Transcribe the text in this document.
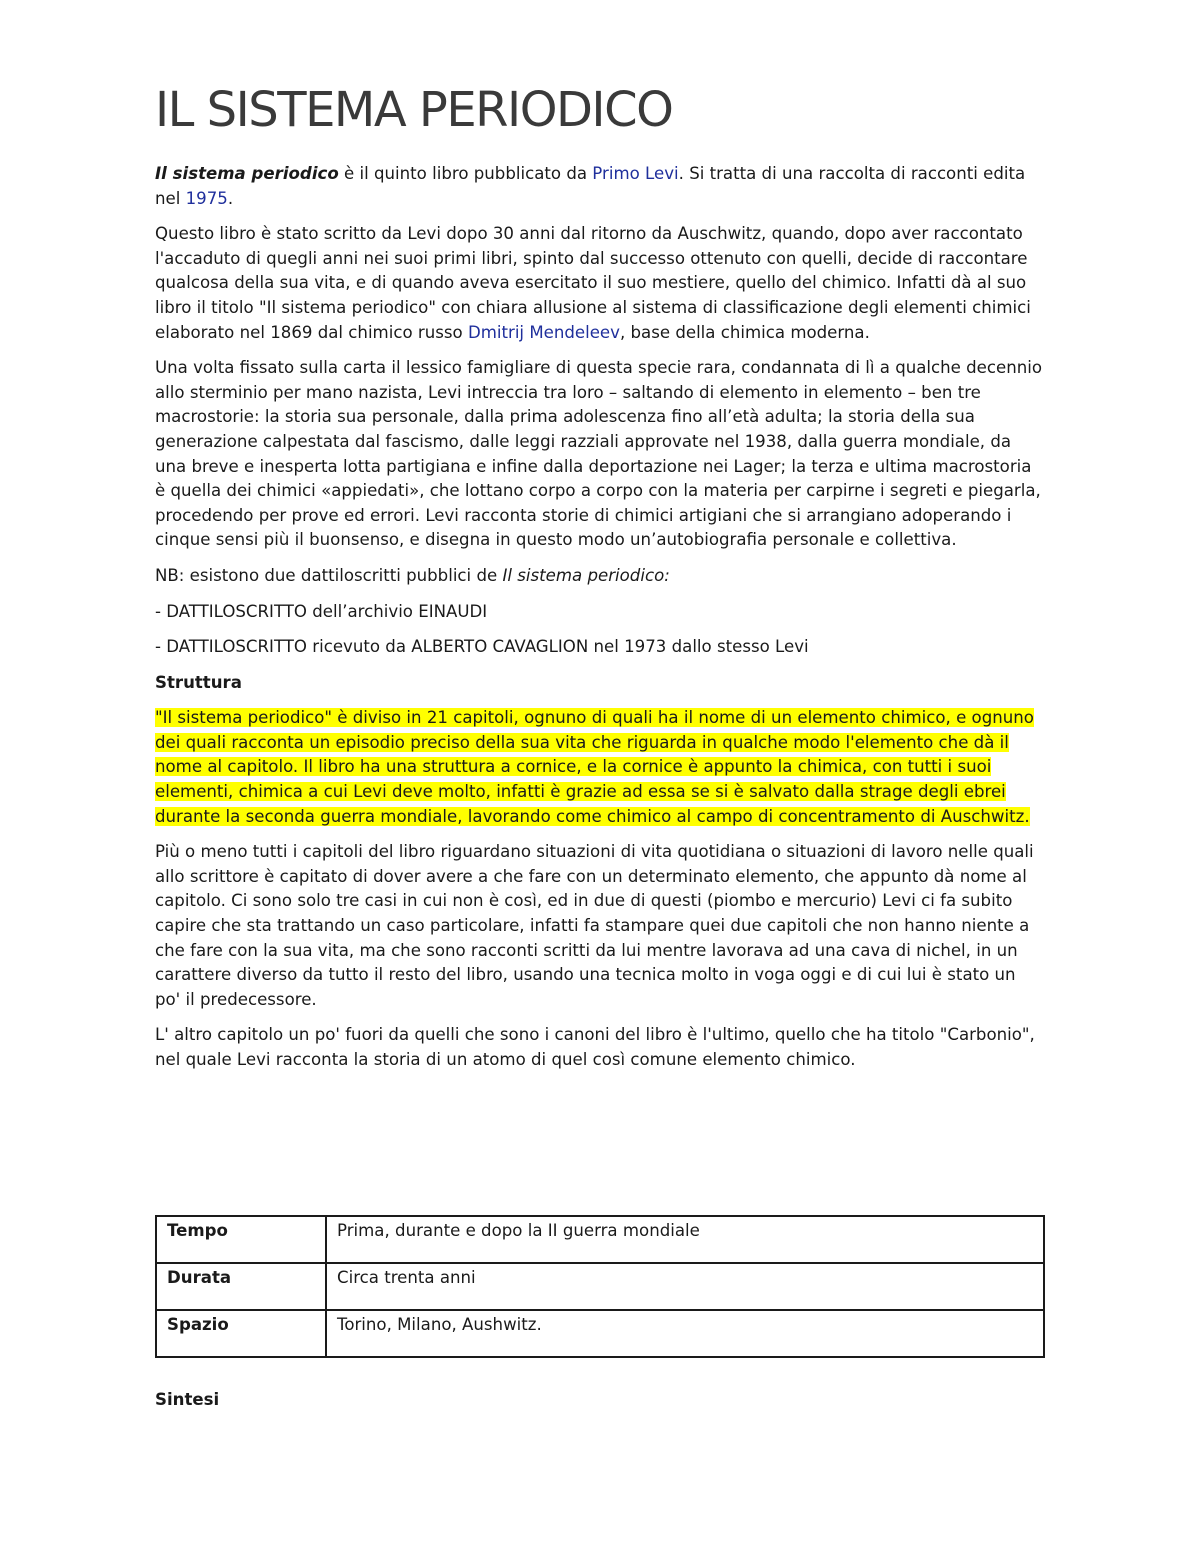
IL SISTEMA PERIODICO

Il sistema periodico è il quinto libro pubblicato da Primo Levi. Si tratta di una raccolta di racconti edita nel 1975.

Questo libro è stato scritto da Levi dopo 30 anni dal ritorno da Auschwitz, quando, dopo aver raccontato l'accaduto di quegli anni nei suoi primi libri, spinto dal successo ottenuto con quelli, decide di raccontare qualcosa della sua vita, e di quando aveva esercitato il suo mestiere, quello del chimico. Infatti dà al suo libro il titolo "Il sistema periodico" con chiara allusione al sistema di classificazione degli elementi chimici elaborato nel 1869 dal chimico russo Dmitrij Mendeleev, base della chimica moderna.

Una volta fissato sulla carta il lessico famigliare di questa specie rara, condannata di lì a qualche decennio allo sterminio per mano nazista, Levi intreccia tra loro – saltando di elemento in elemento – ben tre macrostorie: la storia sua personale, dalla prima adolescenza fino all’età adulta; la storia della sua generazione calpestata dal fascismo, dalle leggi razziali approvate nel 1938, dalla guerra mondiale, da una breve e inesperta lotta partigiana e infine dalla deportazione nei Lager; la terza e ultima macrostoria è quella dei chimici «appiedati», che lottano corpo a corpo con la materia per carpirne i segreti e piegarla, procedendo per prove ed errori. Levi racconta storie di chimici artigiani che si arrangiano adoperando i cinque sensi più il buonsenso, e disegna in questo modo un’autobiografia personale e collettiva.

NB: esistono due dattiloscritti pubblici de Il sistema periodico:

- DATTILOSCRITTO dell’archivio EINAUDI

- DATTILOSCRITTO ricevuto da ALBERTO CAVAGLION nel 1973 dallo stesso Levi

Struttura

"Il sistema periodico" è diviso in 21 capitoli, ognuno di quali ha il nome di un elemento chimico, e ognuno dei quali racconta un episodio preciso della sua vita che riguarda in qualche modo l'elemento che dà il nome al capitolo. Il libro ha una struttura a cornice, e la cornice è appunto la chimica, con tutti i suoi elementi, chimica a cui Levi deve molto, infatti è grazie ad essa se si è salvato dalla strage degli ebrei durante la seconda guerra mondiale, lavorando come chimico al campo di concentramento di Auschwitz.

Più o meno tutti i capitoli del libro riguardano situazioni di vita quotidiana o situazioni di lavoro nelle quali allo scrittore è capitato di dover avere a che fare con un determinato elemento, che appunto dà nome al capitolo. Ci sono solo tre casi in cui non è così, ed in due di questi (piombo e mercurio) Levi ci fa subito capire che sta trattando un caso particolare, infatti fa stampare quei due capitoli che non hanno niente a che fare con la sua vita, ma che sono racconti scritti da lui mentre lavorava ad una cava di nichel, in un carattere diverso da tutto il resto del libro, usando una tecnica molto in voga oggi e di cui lui è stato un po' il predecessore.

L' altro capitolo un po' fuori da quelli che sono i canoni del libro è l'ultimo, quello che ha titolo "Carbonio", nel quale Levi racconta la storia di un atomo di quel così comune elemento chimico.

Tempo	Prima, durante e dopo la II guerra mondiale
Durata	Circa trenta anni
Spazio	Torino, Milano, Aushwitz.
Sintesi
